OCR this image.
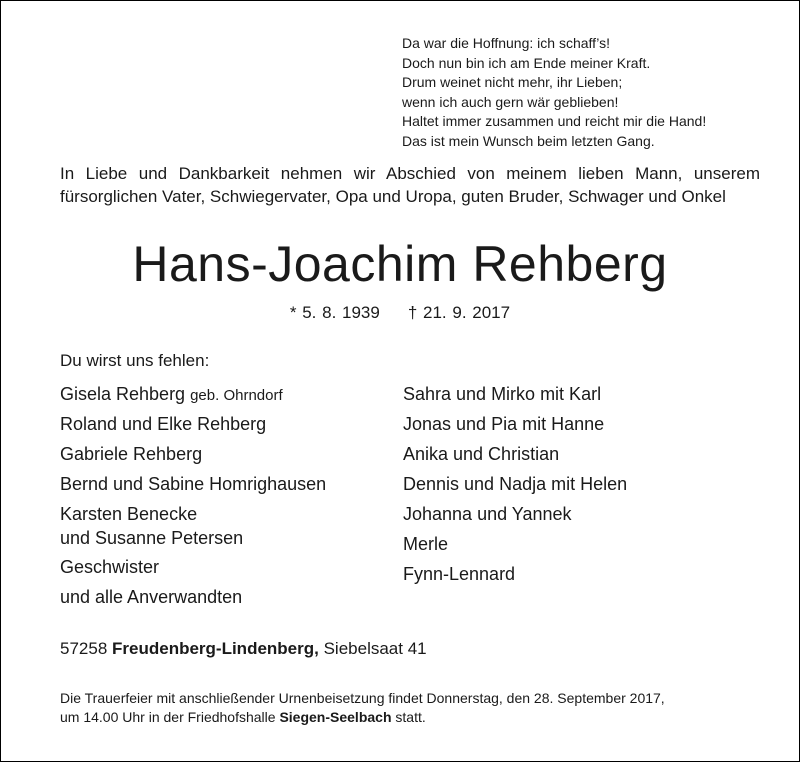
Da war die Hoffnung: ich schaff’s!
Doch nun bin ich am Ende meiner Kraft.
Drum weinet nicht mehr, ihr Lieben;
wenn ich auch gern wär geblieben!
Haltet immer zusammen und reicht mir die Hand!
Das ist mein Wunsch beim letzten Gang.
In Liebe und Dankbarkeit nehmen wir Abschied von meinem lieben Mann, unserem fürsorglichen Vater, Schwiegervater, Opa und Uropa, guten Bruder, Schwager und Onkel
Hans-Joachim Rehberg
* 5. 8. 1939 † 21. 9. 2017
Du wirst uns fehlen:
Gisela Rehberg geb. Ohrndorf
Roland und Elke Rehberg
Gabriele Rehberg
Bernd und Sabine Homrighausen
Karsten Benecke
und Susanne Petersen
Geschwister
und alle Anverwandten
Sahra und Mirko mit Karl
Jonas und Pia mit Hanne
Anika und Christian
Dennis und Nadja mit Helen
Johanna und Yannek
Merle
Fynn-Lennard
57258 Freudenberg-Lindenberg, Siebelsaat 41
Die Trauerfeier mit anschließender Urnenbeisetzung findet Donnerstag, den 28. September 2017,
um 14.00 Uhr in der Friedhofshalle Siegen-Seelbach statt.
